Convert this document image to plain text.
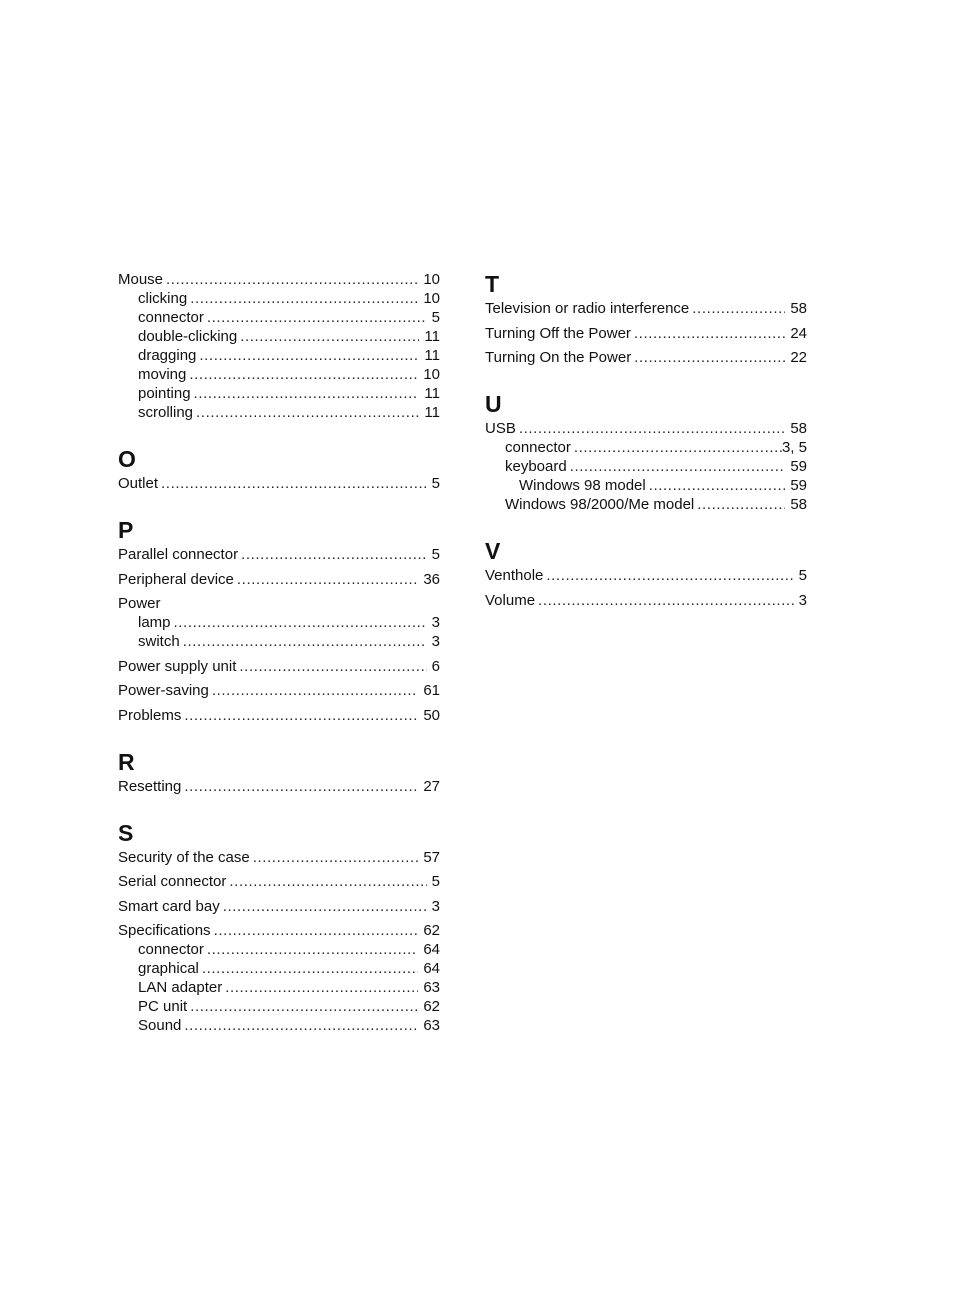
Mouse .....	10
clicking .....	10
connector .....	5
double-clicking .....	11
dragging .....	11
moving .....	10
pointing .....	11
scrolling .....	11
O
Outlet .....	5
P
Parallel connector .....	5
Peripheral device .....	36
Power
lamp .....	3
switch .....	3
Power supply unit .....	6
Power-saving .....	61
Problems .....	50
R
Resetting .....	27
S
Security of the case .....	57
Serial connector .....	5
Smart card bay .....	3
Specifications .....	62
connector .....	64
graphical .....	64
LAN adapter .....	63
PC unit .....	62
Sound .....	63
T
Television or radio interference .....	58
Turning Off the Power .....	24
Turning On the Power .....	22
U
USB .....	58
connector .....	3, 5
keyboard .....	59
Windows 98 model .....	59
Windows 98/2000/Me model .....	58
V
Venthole .....	5
Volume .....	3
